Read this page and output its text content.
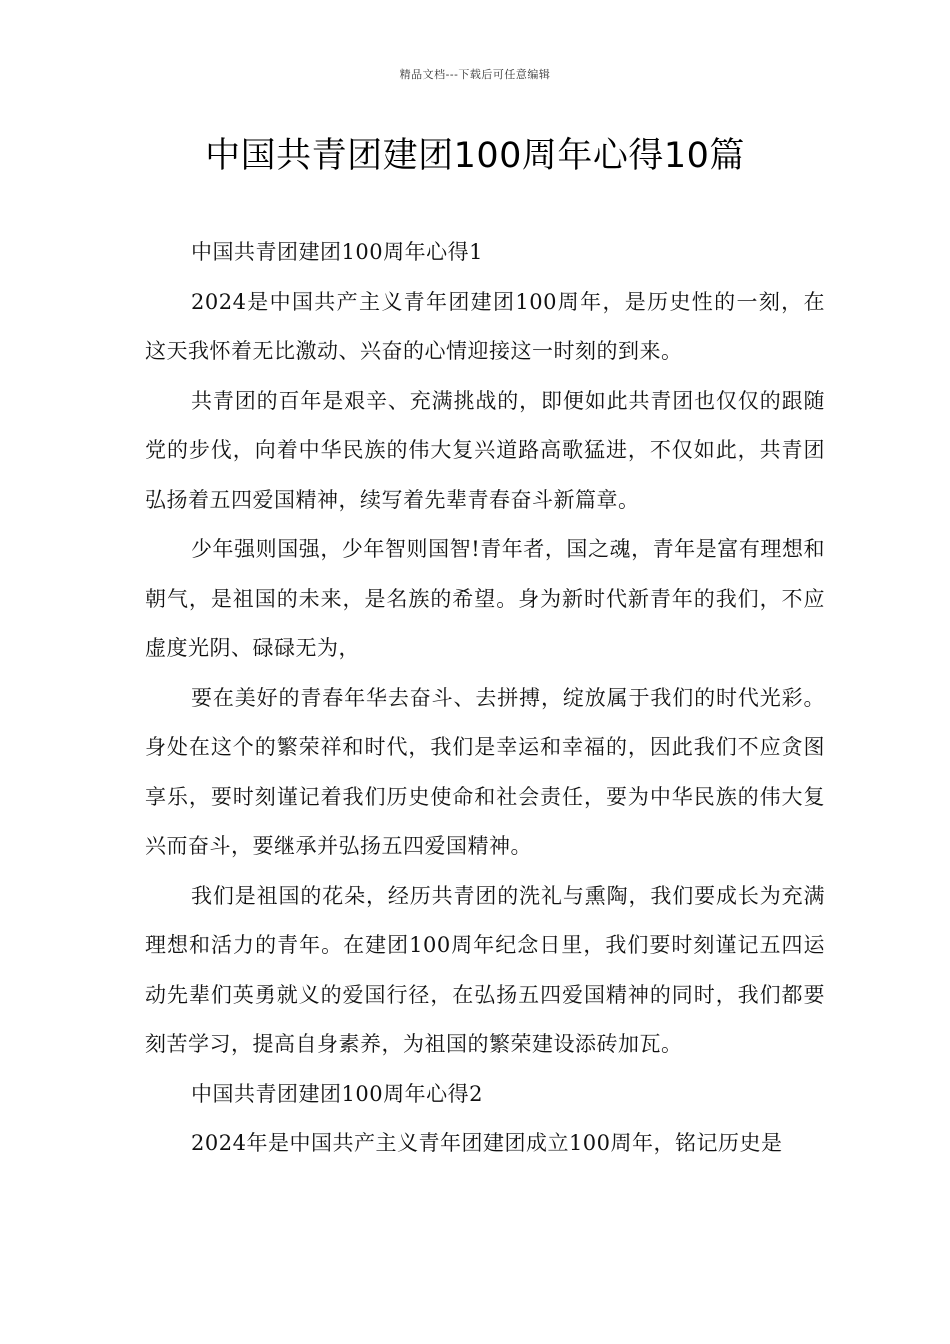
精品文档---下载后可任意编辑
中国共青团建团100周年心得10篇

中国共青团建团100周年心得1

2024是中国共产主义青年团建团100周年，是历史性的一刻，在这天我怀着无比激动、兴奋的心情迎接这一时刻的到来。

共青团的百年是艰辛、充满挑战的，即便如此共青团也仅仅的跟随党的步伐，向着中华民族的伟大复兴道路高歌猛进，不仅如此，共青团弘扬着五四爱国精神，续写着先辈青春奋斗新篇章。

少年强则国强，少年智则国智!青年者，国之魂，青年是富有理想和朝气，是祖国的未来，是名族的希望。身为新时代新青年的我们，不应虚度光阴、碌碌无为，

要在美好的青春年华去奋斗、去拼搏，绽放属于我们的时代光彩。身处在这个的繁荣祥和时代，我们是幸运和幸福的，因此我们不应贪图享乐，要时刻谨记着我们历史使命和社会责任，要为中华民族的伟大复兴而奋斗，要继承并弘扬五四爱国精神。

我们是祖国的花朵，经历共青团的洗礼与熏陶，我们要成长为充满理想和活力的青年。在建团100周年纪念日里，我们要时刻谨记五四运动先辈们英勇就义的爱国行径，在弘扬五四爱国精神的同时，我们都要刻苦学习，提高自身素养，为祖国的繁荣建设添砖加瓦。

中国共青团建团100周年心得2

2024年是中国共产主义青年团建团成立100周年，铭记历史是
